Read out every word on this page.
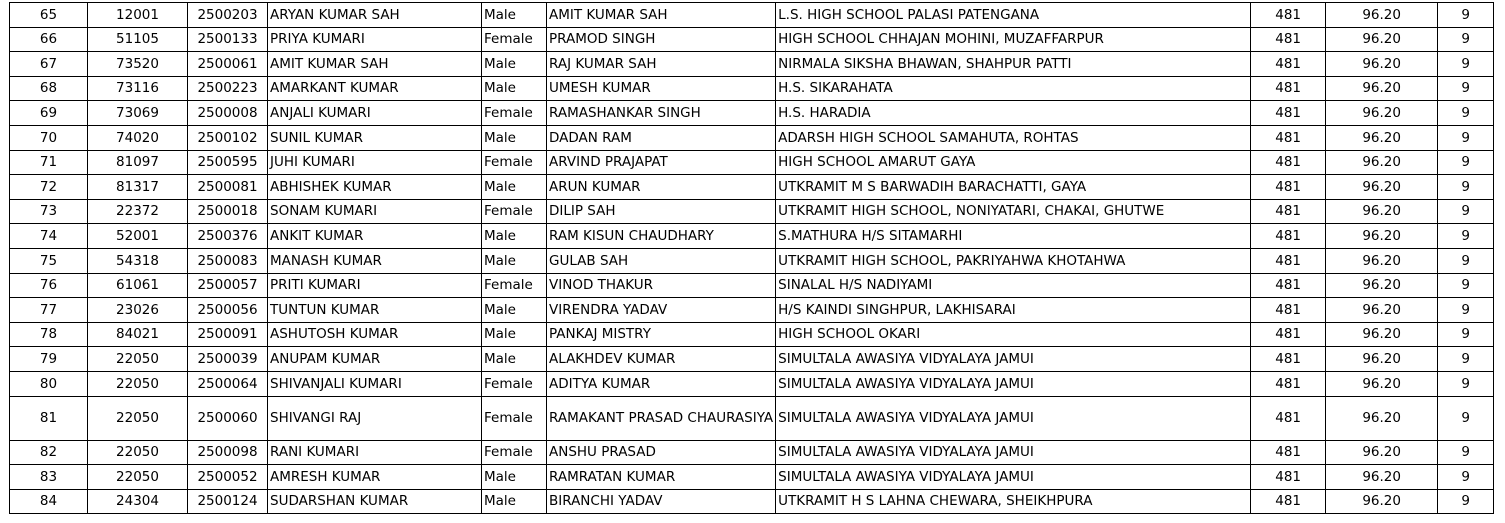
65	12001	2500203	ARYAN KUMAR SAH	Male	AMIT KUMAR SAH	L.S. HIGH SCHOOL PALASI PATENGANA	481	96.20	9
66	51105	2500133	PRIYA KUMARI	Female	PRAMOD SINGH	HIGH SCHOOL CHHAJAN MOHINI, MUZAFFARPUR	481	96.20	9
67	73520	2500061	AMIT KUMAR SAH	Male	RAJ KUMAR SAH	NIRMALA SIKSHA BHAWAN, SHAHPUR PATTI	481	96.20	9
68	73116	2500223	AMARKANT KUMAR	Male	UMESH KUMAR	H.S. SIKARAHATA	481	96.20	9
69	73069	2500008	ANJALI KUMARI	Female	RAMASHANKAR SINGH	H.S. HARADIA	481	96.20	9
70	74020	2500102	SUNIL KUMAR	Male	DADAN RAM	ADARSH HIGH SCHOOL SAMAHUTA, ROHTAS	481	96.20	9
71	81097	2500595	JUHI KUMARI	Female	ARVIND PRAJAPAT	HIGH SCHOOL AMARUT GAYA	481	96.20	9
72	81317	2500081	ABHISHEK KUMAR	Male	ARUN KUMAR	UTKRAMIT M S BARWADIH BARACHATTI, GAYA	481	96.20	9
73	22372	2500018	SONAM KUMARI	Female	DILIP SAH	UTKRAMIT HIGH SCHOOL, NONIYATARI, CHAKAI, GHUTWE	481	96.20	9
74	52001	2500376	ANKIT KUMAR	Male	RAM KISUN CHAUDHARY	S.MATHURA H/S SITAMARHI	481	96.20	9
75	54318	2500083	MANASH KUMAR	Male	GULAB SAH	UTKRAMIT HIGH SCHOOL, PAKRIYAHWA KHOTAHWA	481	96.20	9
76	61061	2500057	PRITI KUMARI	Female	VINOD THAKUR	SINALAL H/S NADIYAMI	481	96.20	9
77	23026	2500056	TUNTUN KUMAR	Male	VIRENDRA YADAV	H/S KAINDI SINGHPUR, LAKHISARAI	481	96.20	9
78	84021	2500091	ASHUTOSH KUMAR	Male	PANKAJ MISTRY	HIGH SCHOOL OKARI	481	96.20	9
79	22050	2500039	ANUPAM KUMAR	Male	ALAKHDEV KUMAR	SIMULTALA AWASIYA VIDYALAYA JAMUI	481	96.20	9
80	22050	2500064	SHIVANJALI KUMARI	Female	ADITYA KUMAR	SIMULTALA AWASIYA VIDYALAYA JAMUI	481	96.20	9
81	22050	2500060	SHIVANGI RAJ	Female	RAMAKANT PRASAD CHAURASIYA	SIMULTALA AWASIYA VIDYALAYA JAMUI	481	96.20	9
82	22050	2500098	RANI KUMARI	Female	ANSHU PRASAD	SIMULTALA AWASIYA VIDYALAYA JAMUI	481	96.20	9
83	22050	2500052	AMRESH KUMAR	Male	RAMRATAN KUMAR	SIMULTALA AWASIYA VIDYALAYA JAMUI	481	96.20	9
84	24304	2500124	SUDARSHAN KUMAR	Male	BIRANCHI YADAV	UTKRAMIT H S LAHNA CHEWARA, SHEIKHPURA	481	96.20	9
